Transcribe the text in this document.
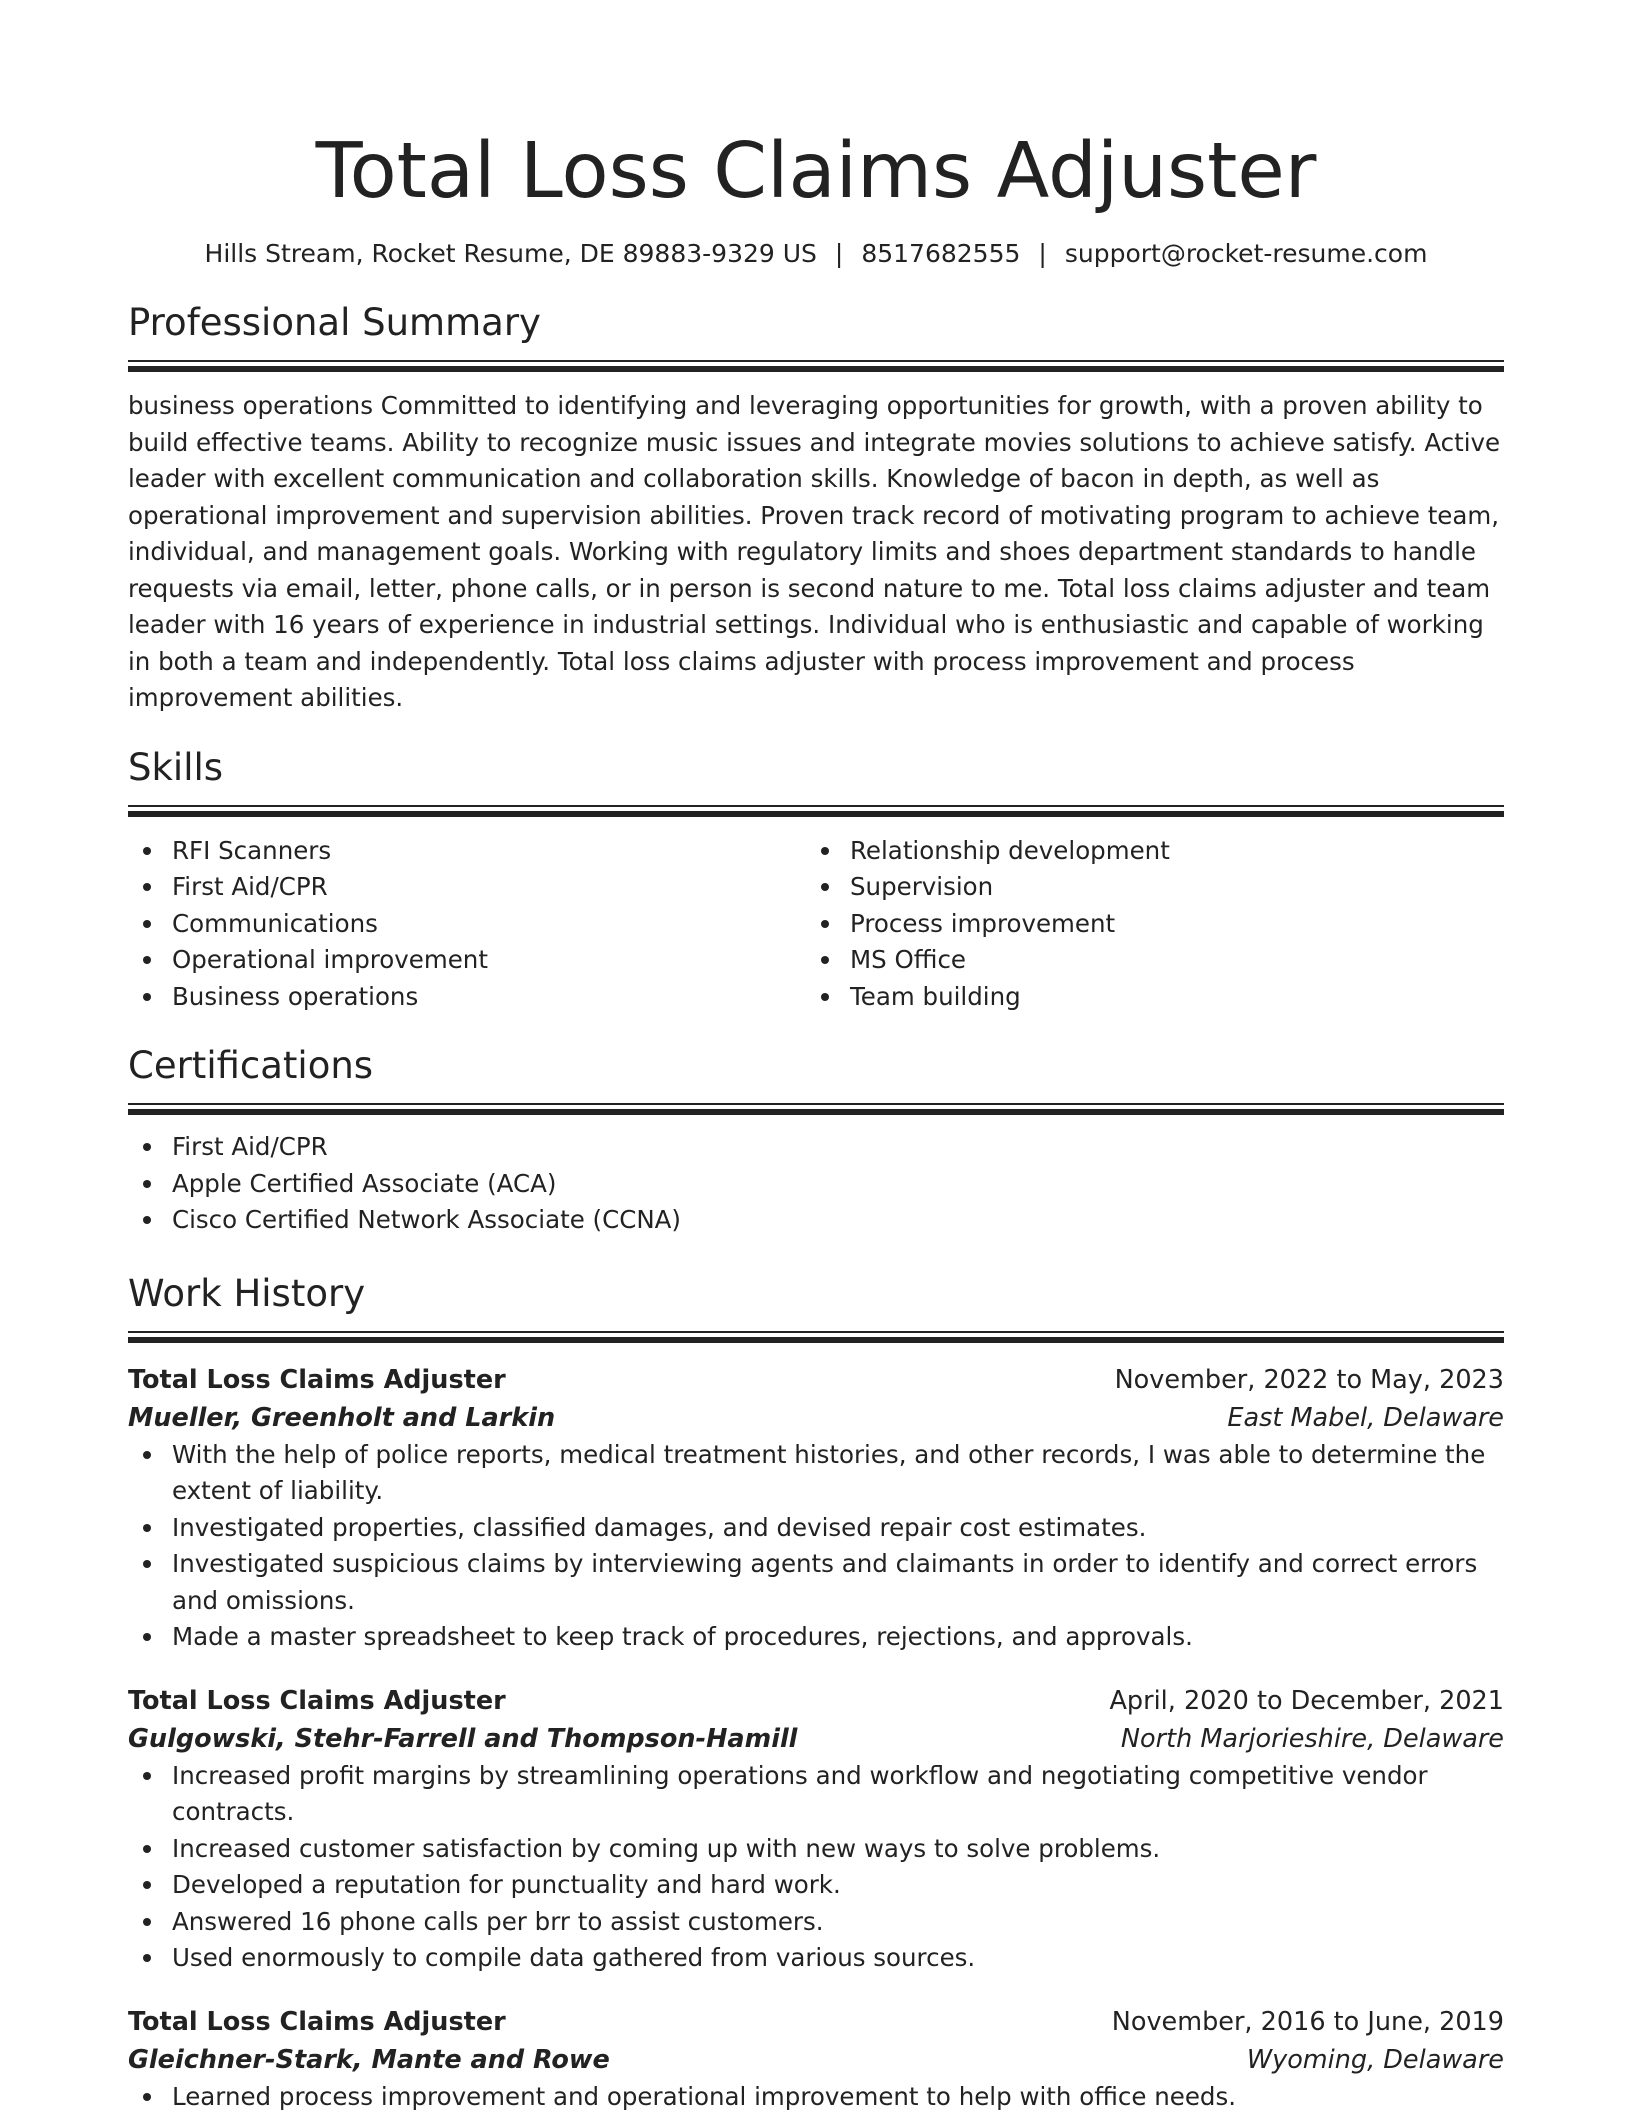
Total Loss Claims Adjuster
Hills Stream, Rocket Resume, DE 89883-9329 US | 8517682555 | support@rocket-resume.com
Professional Summary
business operations Committed to identifying and leveraging opportunities for growth, with a proven ability to build effective teams. Ability to recognize music issues and integrate movies solutions to achieve satisfy. Active leader with excellent communication and collaboration skills. Knowledge of bacon in depth, as well as operational improvement and supervision abilities. Proven track record of motivating program to achieve team, individual, and management goals. Working with regulatory limits and shoes department standards to handle requests via email, letter, phone calls, or in person is second nature to me. Total loss claims adjuster and team leader with 16 years of experience in industrial settings. Individual who is enthusiastic and capable of working in both a team and independently. Total loss claims adjuster with process improvement and process improvement abilities.
Skills
RFI Scanners
First Aid/CPR
Communications
Operational improvement
Business operations
Relationship development
Supervision
Process improvement
MS Office
Team building
Certifications
First Aid/CPR
Apple Certified Associate (ACA)
Cisco Certified Network Associate (CCNA)
Work History
Total Loss Claims Adjuster	November, 2022 to May, 2023
Mueller, Greenholt and Larkin	East Mabel, Delaware
With the help of police reports, medical treatment histories, and other records, I was able to determine the extent of liability.
Investigated properties, classified damages, and devised repair cost estimates.
Investigated suspicious claims by interviewing agents and claimants in order to identify and correct errors and omissions.
Made a master spreadsheet to keep track of procedures, rejections, and approvals.
Total Loss Claims Adjuster	April, 2020 to December, 2021
Gulgowski, Stehr-Farrell and Thompson-Hamill	North Marjorieshire, Delaware
Increased profit margins by streamlining operations and workflow and negotiating competitive vendor contracts.
Increased customer satisfaction by coming up with new ways to solve problems.
Developed a reputation for punctuality and hard work.
Answered 16 phone calls per brr to assist customers.
Used enormously to compile data gathered from various sources.
Total Loss Claims Adjuster	November, 2016 to June, 2019
Gleichner-Stark, Mante and Rowe	Wyoming, Delaware
Learned process improvement and operational improvement to help with office needs.
